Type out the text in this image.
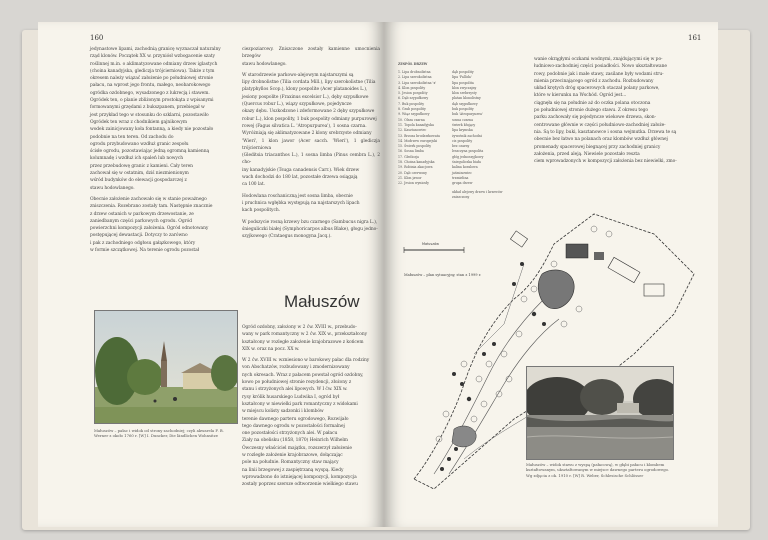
160

jedynastowe lipami, zachodnią granicę wyznaczał naturalny

rząd klonów. Początek XX w. przyniósł wzbogacenie szaty

roślinnej m.in. o aklimatyzowane odmiany drzew iglastych

(choina kanadyjska, glediczja trójcierniowa). Także z tym

okresem należy wiązać założenie po południowej stronie

pałacu, na wprost jego frontu, małego, neobarokowego

ogródka ozdobnego, wysadzonego z lukrecją i stawem.

Ogródek ten, o planie zbliżonym prostokąta z wpisanymi

formowanymi grzędami z bukszpanem, przebiegał w

jest przykład tego w stosunku do szklarni, pozostawiło

Ogródek ten wraz z chodnikiem gajnikowym

wodek zainicjowany koła fontanną, a kiedy nie pozostało

podobnie na ten teren. Od zachodu do

ogrodu przybudowano wzdłuż granic zespołu

ścisłe ogrodu, pozostawiając jedną ogromną kamienną

kolumnadę i wzdłuż ich spaleń lub nowych

przez przebudowę granic z kamieni. Cały teren

zachował się w ostatnim, dziś niezmienionym

wśród budynków do elewacji gospodarczej z

stawu hodowlanego.

Obecnie założenie zachowało się w stanie poważnego

zniszczenia. Rozebrano zostały tam. Następnie znacznie

z drzew ostanich w parkowym drzewostanie, ze

zaniedbanym części parkowych ogrodu. Ogród

powierzchni kompozycji założenia. Ogród odnotowany

postępującej dewastacji. Dotyczy to zarówno

i pak z zachodniego odgłosu gałązkowego, który

w formie szczątkowej. Na terenie ogrodu pozostał

ciezpoziarowy. Zniszczone zostały kamienne umocnienia brzegów

stawu hodowlanego.

W starodrzewie parkowo-alejowym najstarszymi są

lipy drobnolistne (Tilia cordata Mill.), lipy szerokolistne (Tilia

platyphyllos Scop.), klony pospolite (Acer platanoides L.),

jesiony pospolite (Fraxinus excelsior L.), dęby szypułkowe

(Quercus robur L.), wiązy szypułkowe, pojedyncze

okazy dębu. Uszkodzone i zdeformowane 2 dęby szypułkowe

robur L.), klon pospolity, 1 buk pospolity odmiany purpurowej

rowej (Fagus silvatica L. 'Atropurpurea'), 1 sosna czarna.

Wyróżniają się aklimatyzowane 2 klony srebrzyste odmiany

'Wieri', 1 klon jawor (Acer sacch. 'Wieri'), 1 glediczja trójcierniowa

(Gleditsia triacanthos L.), 1 sosna limba (Pinus cembra L.), 2 cho-

iny kanadyjskie (Tsuga canadensis Carr.). Wiek drzew

wach dochodzi do 180 lat, pozostałe drzewa osiągają

ca 100 lat.

Hodowlana roschaniczną jest sosna limba, obecnie

i pruchnica wgłębka występują na najstarszych lipach

kach pospolitych.

W podszycie rosną krzewy bzu czarnego (Sambucus nigra L.),

śnieguliczki białej (Symphoricarpos albus Blake), głogu jedno-

szyjkowego (Crataegus monogyna Jacq.).

Małuszów

Ogród ozdobny, założony w 2 ćw. XVIII w., przebudo-

wany w park romantyczny w 2 ćw. XIX w., przekształcony

kształcony w rozległe założenie krajobrazowe z końcem

XIX w. oraz na pocz. XX w.

W 2 ćw. XVIII w. wzniesiono w barokowy pałac dla rodziny

von Abschatzów, rozbudowany i zmodernizowany

nych okresach. Wraz z pałacem powstał ogród ozdobny,

kowo po południowej stronie rezydencji, złożony z

stanu i strzyżonych alei lipowych. W I ćw. XIX w.

rysy królik husarskiego Ludwika I, ogród był

kształcony w niewielki park romantyczny z widokami

w miejscu kolisty sadzonki i klombów

terenie dawnego parteru ogrodowego, Rozwijało

tego dawnego ogrodu w pozostałości formalnej

one pozostałości strzyżonych alei. W pałacu

Ziały na obelisku (1858, 1870) Heinrich Wilhelm

Ówczesny właściciel majątku, rozszerzył założenie

w rozległe założenie krajobrazowe, dołączając

pole na południe. Romantyczny staw mający

na linii brzegowej z zaspiętrzaną wyspą. Kiedy

wprowadzono do istniejącej kompozycji, kompozycja

zostały poprzez szersze odtworzenie wielkiego stawu

Małuszów – pałac i widok od strony zachodniej; czyli akwarela F. B. Werner z około 1760 r. [W] I. Duncker, Die ländlichen Wohnsitze
161
ZESPÓŁ DRZEW

1. Lipa drobnolistna

2. Lipa szerokolistna

3. Lipa szerokolistna 'x'

4. Klon pospolity

5. Jesion pospolity

6. Dąb szypułkowy

7. Buk pospolity

8. Grab pospolity

9. Wiąz szypułkowy

10. Olsza czarna

11. Topola kanadyjska

12. Kasztanowiec

13. Brzoza brodawkowata

14. Modrzew europejski

15. Świerk pospolity

16. Sosna limba

17. Glediczja

18. Choina kanadyjska

19. Robinia akacjowa

20. Dąb czerwony

21. Klon jawor

22. Jesion wyniosły

dąb pospolity

lipa 'Pallida'

lipa pospolita

klon zwyczajny

klon srebrzysty

platan klonolistny

dąb szypułkowy

buk pospolity

buk 'Atropurpurea'

sosna czarna

świerk kłujący

lipa krymska

żywotnik zachodni

cis pospolity

bez czarny

leszczyna pospolita

głóg jednoszyjkowy

śnieguliczka biała

kalina koralowa

jaśminowiec

trzmielina

grupa drzew

układ alejowy drzew i krzewów zniszczony

wanie okrągłymi oczkami wodnymi, znajdującymi się w po-

łudniowo-zachodniej części posiadłości. Nowo ukształtowane

rowy, podobnie jak i małe stawy, zasilane były wodami stru-

mienia przecinającego ogród z zachodu. Rozbudowany

układ krętych dróg spacerowych otaczał polany parkowe,

które w kierunku na Wschód. Ogród jest...

ciągnęła się na południe aż do oczka polana otoczona

po południowej stronie dużego stawu. Z okresu tego

parku zachowały się pojedyncze wiekowe drzewa, skon-

centrowane głównie w części południowo-zachodniej założe-

nia. Są to lipy, buki, kasztanowce i sosna wejmutka. Drzewa te są

obecnie bez łatwo na polanach oraz klombów wzdłuż głównej

promenady spacerowej biegnącej przy zachodniej granicy

założenia, przed aleją. Niewiele pozostało reszta

ciem wprowadzonych w kompozycji założenia bez niewielki, zmo-

Małuszów
Małuszów – plan sytuacyjny, stan z 1999 r.
Małuszów – widok stawu z wyspą (pałacową), w głębi pałacu i klombem kształtowanym, ukształtowanym w miejsce dawnego parteru ogrodowego. Wg zdjęcia z ok. 1910 r. [W] R. Weber, Schlesische Schlösser
